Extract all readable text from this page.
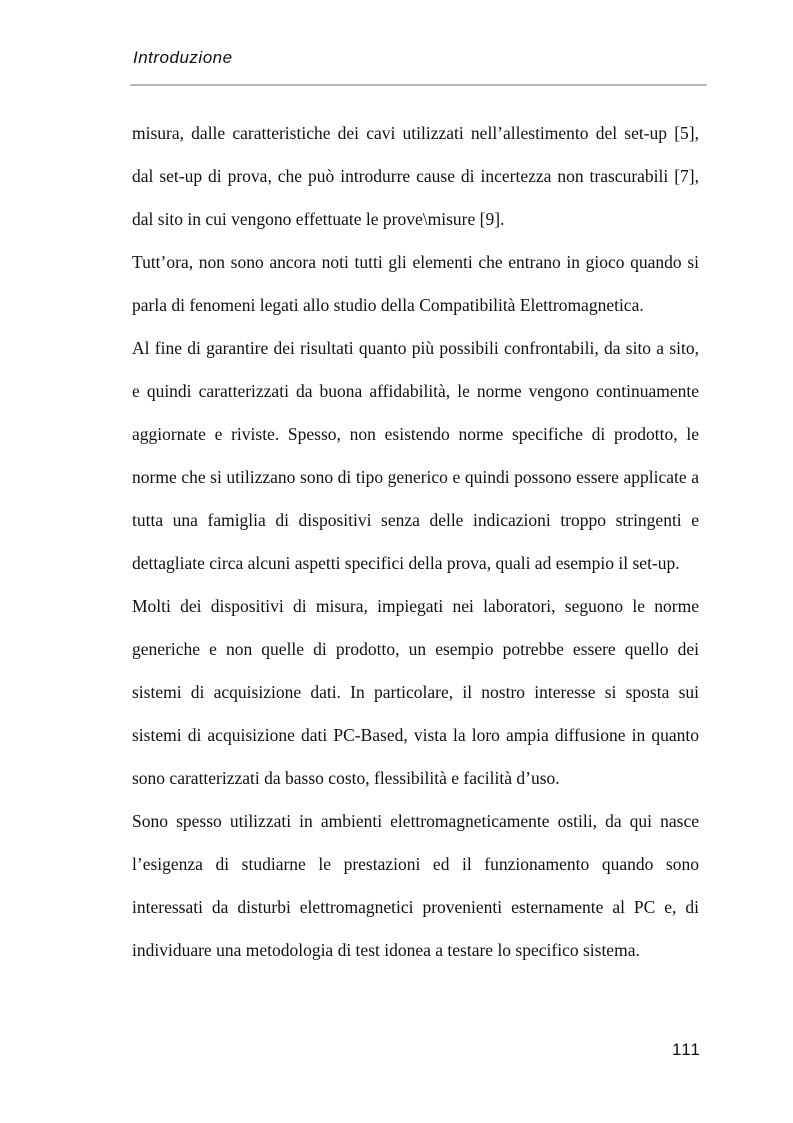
Introduzione

misura, dalle caratteristiche dei cavi utilizzati nell’allestimento del set-up [5], dal set-up di prova, che può introdurre cause di incertezza non trascurabili [7], dal sito in cui vengono effettuate le prove\misure [9].

Tutt’ora, non sono ancora noti tutti gli elementi che entrano in gioco quando si parla di fenomeni legati allo studio della Compatibilità Elettromagnetica.

Al fine di garantire dei risultati quanto più possibili confrontabili, da sito a sito, e quindi caratterizzati da buona affidabilità, le norme vengono continuamente aggiornate e riviste. Spesso, non esistendo norme specifiche di prodotto, le norme che si utilizzano sono di tipo generico e quindi possono essere applicate a tutta una famiglia di dispositivi senza delle indicazioni troppo stringenti e dettagliate circa alcuni aspetti specifici della prova, quali ad esempio il set-up.

Molti dei dispositivi di misura, impiegati nei laboratori, seguono le norme generiche e non quelle di prodotto, un esempio potrebbe essere quello dei sistemi di acquisizione dati. In particolare, il nostro interesse si sposta sui sistemi di acquisizione dati PC-Based, vista la loro ampia diffusione in quanto sono caratterizzati da basso costo, flessibilità e facilità d’uso.

Sono spesso utilizzati in ambienti elettromagneticamente ostili, da qui nasce l’esigenza di studiarne le prestazioni ed il funzionamento quando sono interessati da disturbi elettromagnetici provenienti esternamente al PC e, di individuare una metodologia di test idonea a testare lo specifico sistema.

111
